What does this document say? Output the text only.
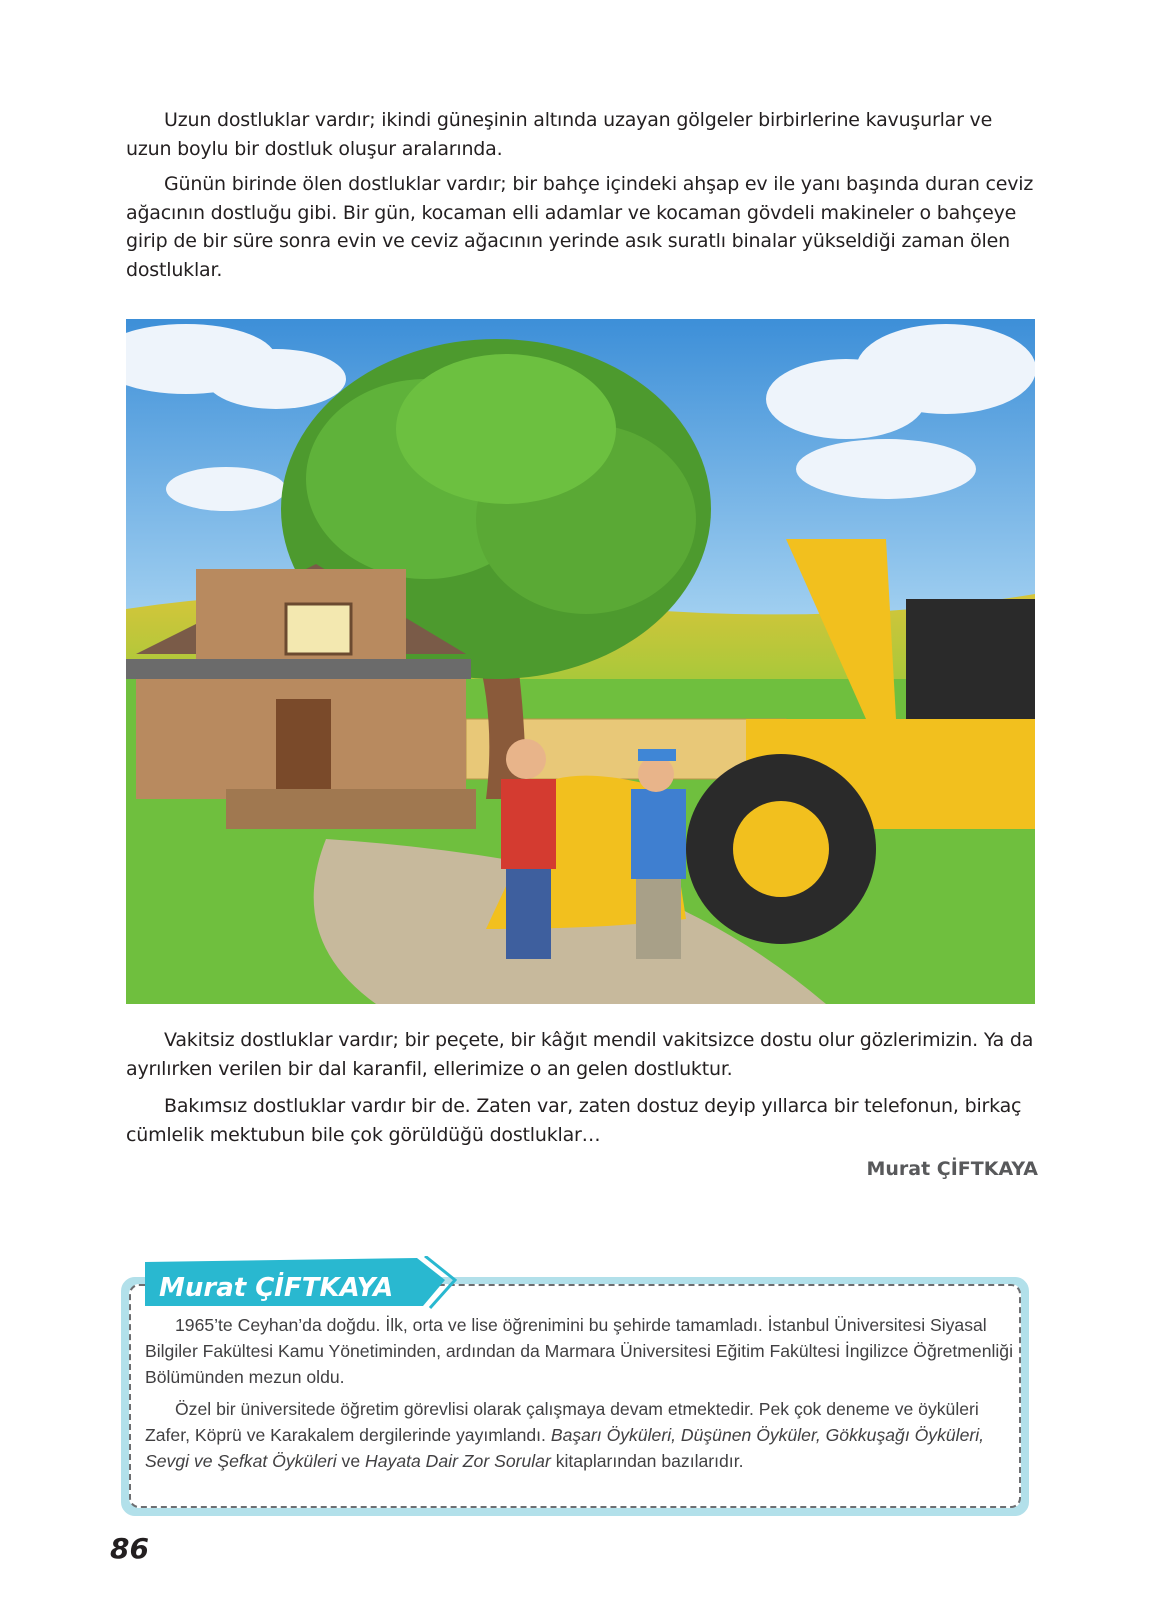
Uzun dostluklar vardır; ikindi güneşinin altında uzayan gölgeler birbirlerine kavuşurlar ve uzun boylu bir dostluk oluşur aralarında.

Günün birinde ölen dostluklar vardır; bir bahçe içindeki ahşap ev ile yanı başında duran ceviz ağacının dostluğu gibi. Bir gün, kocaman elli adamlar ve kocaman gövdeli makineler o bahçeye girip de bir süre sonra evin ve ceviz ağacının yerinde asık suratlı binalar yükseldiği zaman ölen dostluklar.

Vakitsiz dostluklar vardır; bir peçete, bir kâğıt mendil vakitsizce dostu olur gözlerimizin. Ya da ayrılırken verilen bir dal karanfil, ellerimize o an gelen dostluktur.

Bakımsız dostluklar vardır bir de. Zaten var, zaten dostuz deyip yıllarca bir telefonun, birkaç cümlelik mektubun bile çok görüldüğü dostluklar…

Murat ÇİFTKAYA
Murat ÇİFTKAYA

1965’te Ceyhan’da doğdu. İlk, orta ve lise öğrenimini bu şehirde tamamladı. İstanbul Üniversitesi Siyasal Bilgiler Fakültesi Kamu Yönetiminden, ardından da Marmara Üniversitesi Eğitim Fakültesi İngilizce Öğretmenliği Bölümünden mezun oldu.

Özel bir üniversitede öğretim görevlisi olarak çalışmaya devam etmektedir. Pek çok deneme ve öyküleri Zafer, Köprü ve Karakalem dergilerinde yayımlandı. Başarı Öyküleri, Düşünen Öyküler, Gökkuşağı Öyküleri, Sevgi ve Şefkat Öyküleri ve Hayata Dair Zor Sorular kitaplarından bazılarıdır.

86
